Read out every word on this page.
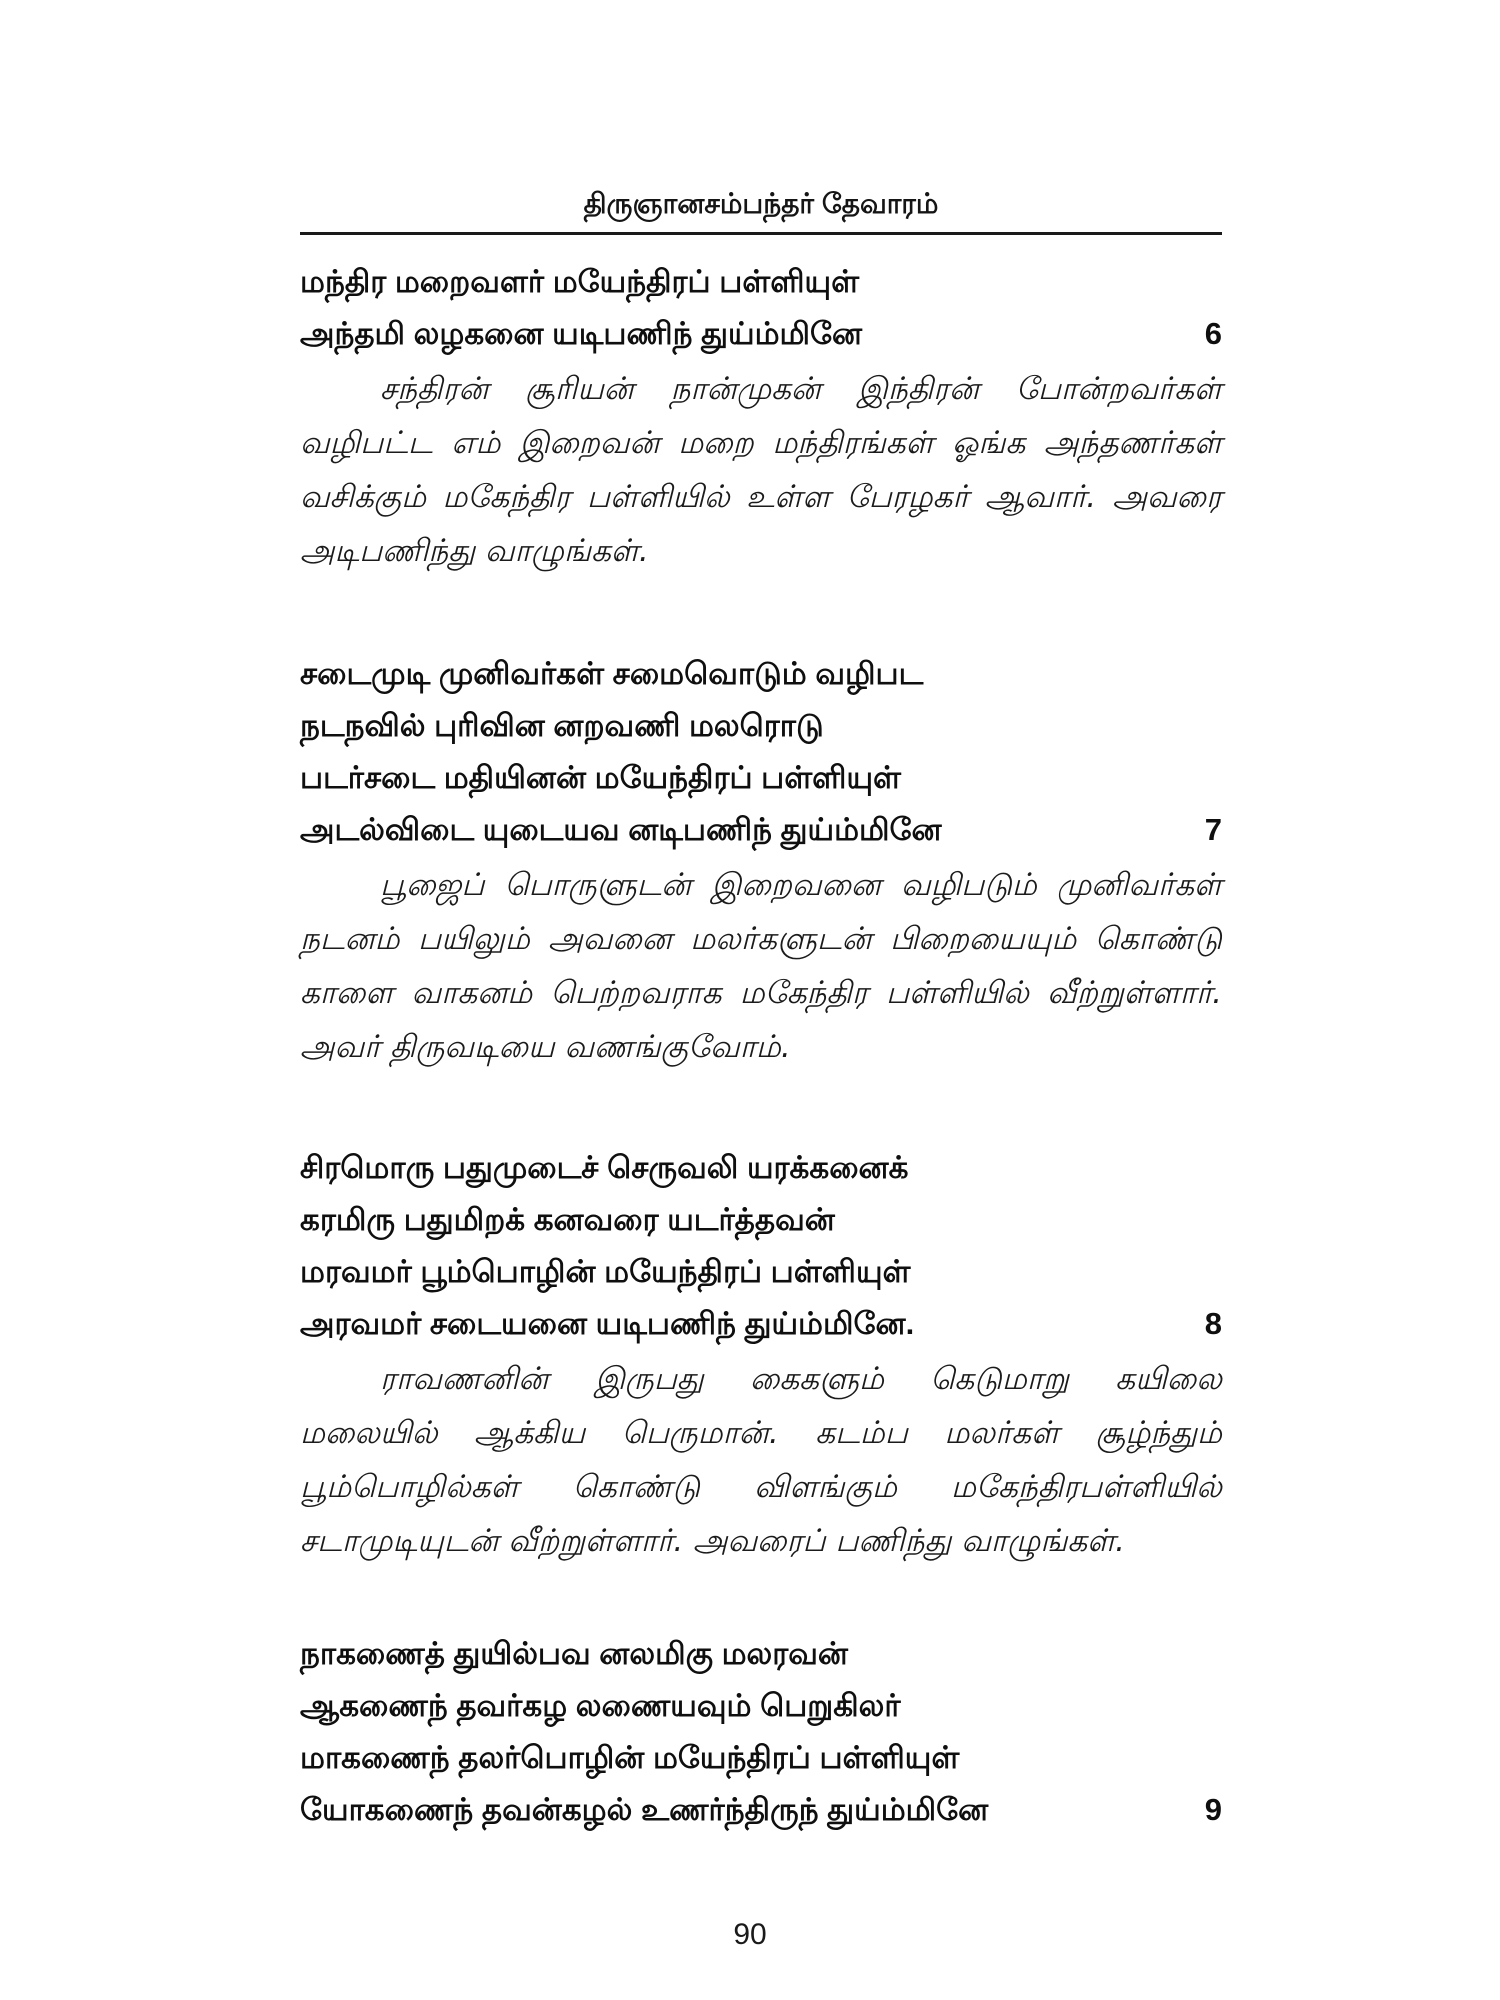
திருஞானசம்பந்தர் தேவாரம்
மந்திர மறைவளர் மயேந்திரப் பள்ளியுள்
அந்தமி லழகனை யடிபணிந் துய்ம்மினே	6
சந்திரன் சூரியன் நான்முகன் இந்திரன் போன்றவர்கள் வழிபட்ட எம் இறைவன் மறை மந்திரங்கள் ஓங்க அந்தணர்கள் வசிக்கும் மகேந்திர பள்ளியில் உள்ள பேரழகர் ஆவார். அவரை அடிபணிந்து வாழுங்கள்.
சடைமுடி முனிவர்கள் சமைவொடும் வழிபட
நடநவில் புரிவின னறவணி மலரொடு
படர்சடை மதியினன் மயேந்திரப் பள்ளியுள்
அடல்விடை யுடையவ னடிபணிந் துய்ம்மினே	7
பூஜைப் பொருளுடன் இறைவனை வழிபடும் முனிவர்கள் நடனம் பயிலும் அவனை மலர்களுடன் பிறையையும் கொண்டு காளை வாகனம் பெற்றவராக மகேந்திர பள்ளியில் வீற்றுள்ளார். அவர் திருவடியை வணங்குவோம்.
சிரமொரு பதுமுடைச் செருவலி யரக்கனைக்
கரமிரு பதுமிறக் கனவரை யடர்த்தவன்
மரவமர் பூம்பொழின் மயேந்திரப் பள்ளியுள்
அரவமர் சடையனை யடிபணிந் துய்ம்மினே.	8
ராவணனின் இருபது கைகளும் கெடுமாறு கயிலை மலையில் ஆக்கிய பெருமான். கடம்ப மலர்கள் சூழ்ந்தும் பூம்பொழில்கள் கொண்டு விளங்கும் மகேந்திரபள்ளியில் சடாமுடியுடன் வீற்றுள்ளார். அவரைப் பணிந்து வாழுங்கள்.
நாகணைத் துயில்பவ னலமிகு மலரவன்
ஆகணைந் தவர்கழ லணையவும் பெறுகிலர்
மாகணைந் தலர்பொழின் மயேந்திரப் பள்ளியுள்
யோகணைந் தவன்கழல் உணர்ந்திருந் துய்ம்மினே	9
90
